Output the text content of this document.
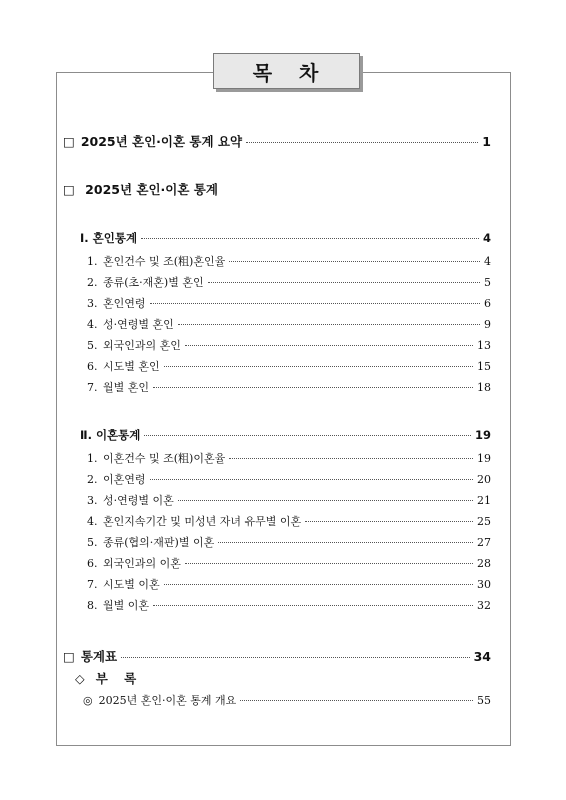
목 차
□ 2025년 혼인·이혼 통계 요약	1
□ 2025년 혼인·이혼 통계
Ⅰ. 혼인통계	4
1. 혼인건수 및 조(粗)혼인율	4
2. 종류(초·재혼)별 혼인	5
3. 혼인연령	6
4. 성·연령별 혼인	9
5. 외국인과의 혼인	13
6. 시도별 혼인	15
7. 월별 혼인	18
Ⅱ. 이혼통계	19
1. 이혼건수 및 조(粗)이혼율	19
2. 이혼연령	20
3. 성·연령별 이혼	21
4. 혼인지속기간 및 미성년 자녀 유무별 이혼	25
5. 종류(협의·재판)별 이혼	27
6. 외국인과의 이혼	28
7. 시도별 이혼	30
8. 월별 이혼	32
□ 통계표	34
◇ 부 록
◎ 2025년 혼인·이혼 통계 개요	55
